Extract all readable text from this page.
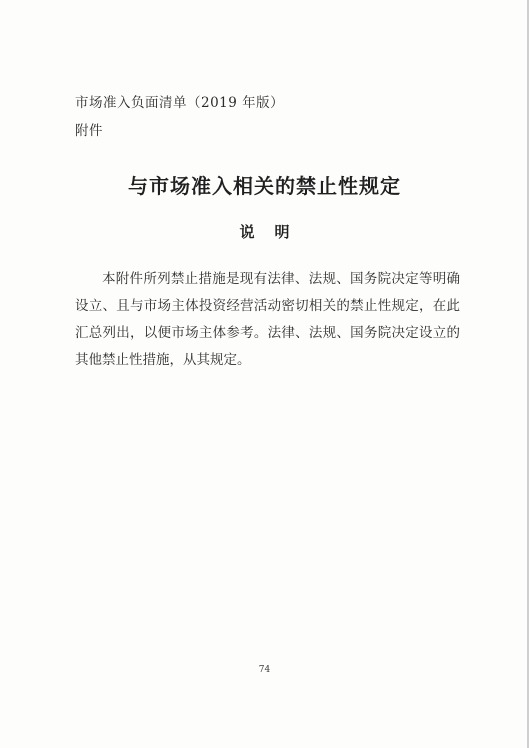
市场准入负面清单（2019 年版）
附件
与市场准入相关的禁止性规定
说明
本附件所列禁止措施是现有法律、法规、国务院决定等明确
设立、且与市场主体投资经营活动密切相关的禁止性规定，在此
汇总列出，以便市场主体参考。法律、法规、国务院决定设立的
其他禁止性措施，从其规定。
74
